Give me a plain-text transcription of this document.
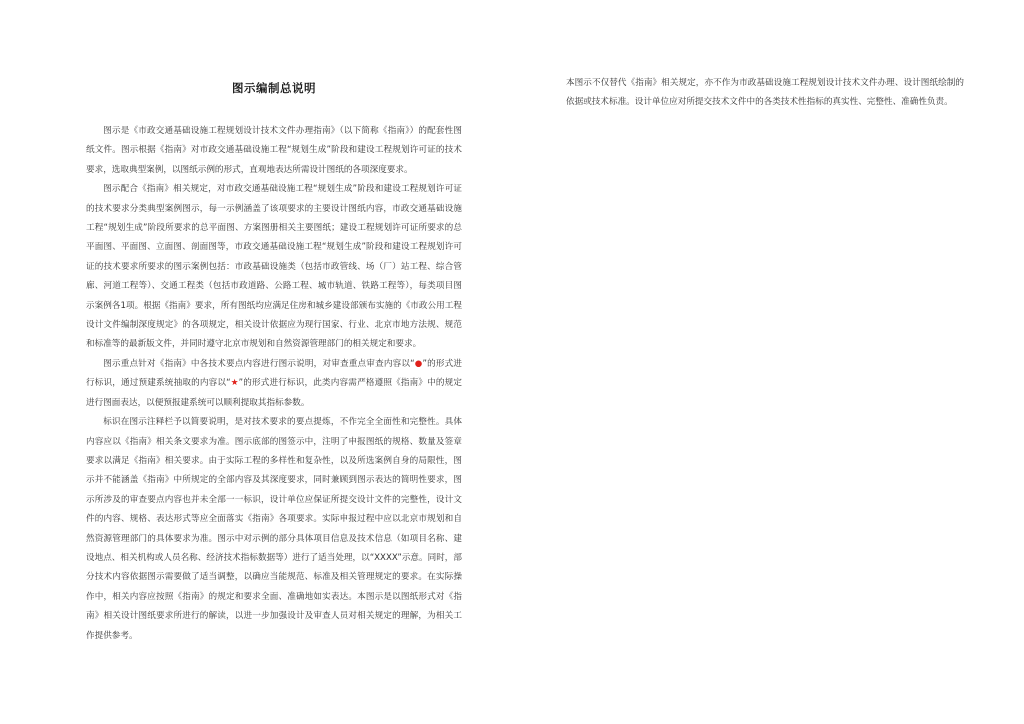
图示编制总说明

图示是《市政交通基础设施工程规划设计技术文件办理指南》（以下简称《指南》）的配套性图纸文件。图示根据《指南》对市政交通基础设施工程“规划生成”阶段和建设工程规划许可证的技术要求，选取典型案例，以图纸示例的形式，直观地表达所需设计图纸的各项深度要求。

图示配合《指南》相关规定，对市政交通基础设施工程“规划生成”阶段和建设工程规划许可证的技术要求分类典型案例图示，每一示例涵盖了该项要求的主要设计图纸内容，市政交通基础设施工程“规划生成”阶段所要求的总平面图、方案图册相关主要图纸；建设工程规划许可证所要求的总平面图、平面图、立面图、剖面图等，市政交通基础设施工程“规划生成”阶段和建设工程规划许可证的技术要求所要求的图示案例包括：市政基础设施类（包括市政管线、场（厂）站工程、综合管廊、河道工程等）、交通工程类（包括市政道路、公路工程、城市轨道、铁路工程等），每类项目图示案例各1项。根据《指南》要求，所有图纸均应满足住房和城乡建设部颁布实施的《市政公用工程设计文件编制深度规定》的各项规定，相关设计依据应为现行国家、行业、北京市地方法规、规范和标准等的最新版文件，并同时遵守北京市规划和自然资源管理部门的相关规定和要求。

图示重点针对《指南》中各技术要点内容进行图示说明，对审查重点审查内容以“●”的形式进行标识，通过预建系统抽取的内容以“★”的形式进行标识，此类内容需严格遵照《指南》中的规定进行图面表达，以便预报建系统可以顺利提取其指标参数。

标识在图示注释栏予以简要说明，是对技术要求的要点提炼，不作完全全面性和完整性。具体内容应以《指南》相关条文要求为准。图示底部的图签示中，注明了申报图纸的规格、数量及签章要求以满足《指南》相关要求。由于实际工程的多样性和复杂性，以及所选案例自身的局限性，图示并不能涵盖《指南》中所规定的全部内容及其深度要求，同时兼顾到图示表达的简明性要求，图示所涉及的审查要点内容也并未全部一一标识，设计单位应保证所提交设计文件的完整性，设计文件的内容、规格、表达形式等应全面落实《指南》各项要求。实际申报过程中应以北京市规划和自然资源管理部门的具体要求为准。图示中对示例的部分具体项目信息及技术信息（如项目名称、建设地点、相关机构或人员名称、经济技术指标数据等）进行了适当处理，以“XXXX”示意。同时，部分技术内容依据图示需要做了适当调整，以确应当能规范、标准及相关管理规定的要求。在实际操作中，相关内容应按照《指南》的规定和要求全面、准确地如实表达。本图示是以图纸形式对《指南》相关设计图纸要求所进行的解读，以进一步加强设计及审查人员对相关规定的理解，为相关工作提供参考。

本图示不仅替代《指南》相关规定，亦不作为市政基础设施工程规划设计技术文件办理、设计图纸绘制的依据或技术标准。设计单位应对所提交技术文件中的各类技术性指标的真实性、完整性、准确性负责。
